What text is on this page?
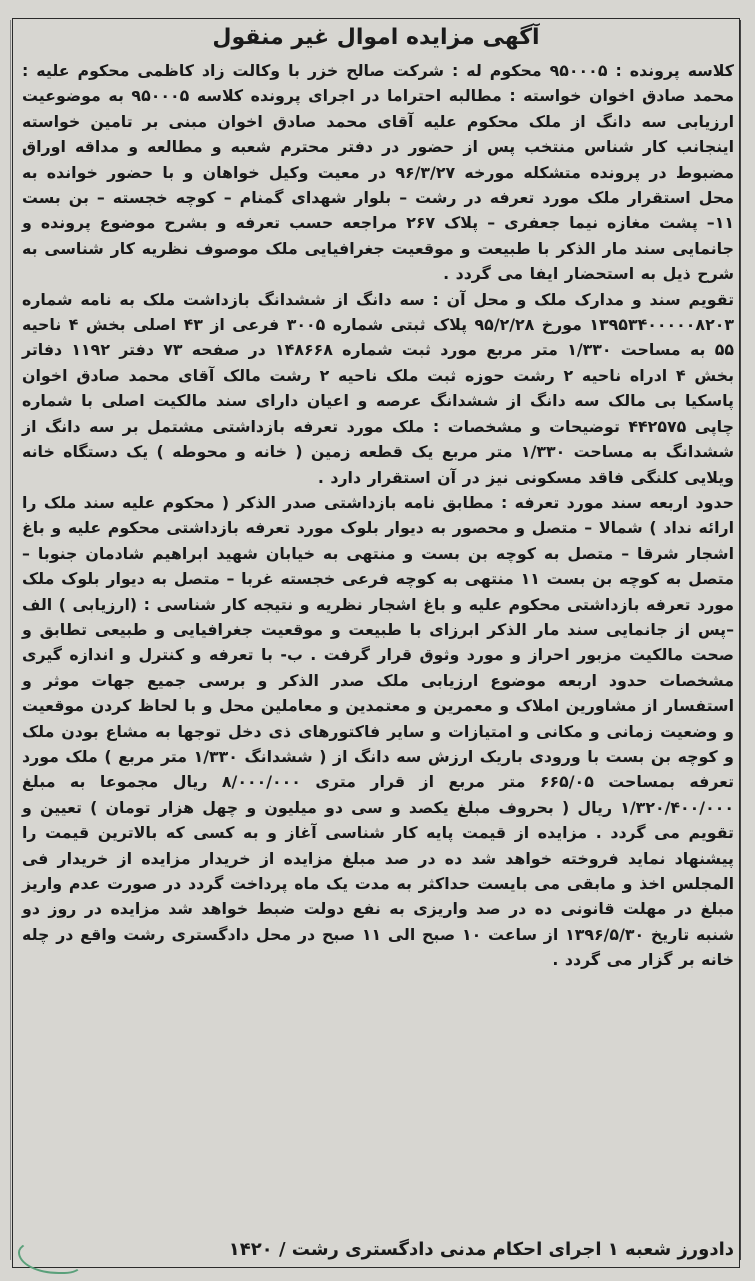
آگهی مزایده اموال غیر منقول

کلاسه پرونده : ۹۵۰۰۰۵ محکوم له : شرکت صالح خزر با وکالت زاد کاظمی محکوم علیه : محمد صادق اخوان خواسته : مطالبه احتراما در اجرای پرونده کلاسه ۹۵۰۰۰۵ به موضوعیت ارزیابی سه دانگ از ملک محکوم علیه آقای محمد صادق اخوان مبنی بر تامین خواسته اینجانب کار شناس منتخب پس از حضور در دفتر محترم شعبه و مطالعه و مداقه اوراق مضبوط در پرونده متشکله مورخه ۹۶/۳/۲۷ در معیت وکیل خواهان و با حضور خوانده به محل استقرار ملک مورد تعرفه در رشت – بلوار شهدای گمنام – کوچه خجسته – بن بست ۱۱– پشت مغازه نیما جعفری – پلاک ۲۶۷ مراجعه حسب تعرفه و بشرح موضوع پرونده و جانمایی سند مار الذکر با طبیعت و موقعیت جغرافیایی ملک موصوف نظریه کار شناسی به شرح ذیل به استحضار ایفا می گردد .

تقویم سند و مدارک ملک و محل آن : سه دانگ از ششدانگ بازداشت ملک به نامه شماره ۱۳۹۵۳۴۰۰۰۰۰۸۲۰۳ مورخ ۹۵/۲/۲۸ پلاک ثبتی شماره ۳۰۰۵ فرعی از ۴۳ اصلی بخش ۴ ناحیه ۵۵ به مساحت ۱/۳۳۰ متر مربع مورد ثبت شماره ۱۴۸۶۶۸ در صفحه ۷۳ دفتر ۱۱۹۲ دفاتر بخش ۴ ادراه ناحیه ۲ رشت حوزه ثبت ملک ناحیه ۲ رشت مالک آقای محمد صادق اخوان پاسکیا بی مالک سه دانگ از ششدانگ عرصه و اعیان دارای سند مالکیت اصلی با شماره چاپی ۴۴۲۵۷۵ توضیحات و مشخصات : ملک مورد تعرفه بازداشتی مشتمل بر سه دانگ از ششدانگ به مساحت ۱/۳۳۰ متر مربع یک قطعه زمین ( خانه و محوطه ) یک دستگاه خانه ویلایی کلنگی فاقد مسکونی نیز در آن استقرار دارد .

حدود اربعه سند مورد تعرفه : مطابق نامه بازداشتی صدر الذکر ( محکوم علیه سند ملک را ارائه نداد ) شمالا – متصل و محصور به دیوار بلوک مورد تعرفه بازداشتی محکوم علیه و باغ اشجار شرقا – متصل به کوچه بن بست و منتهی به خیابان شهید ابراهیم شادمان جنوبا – متصل به کوچه بن بست ۱۱ منتهی به کوچه فرعی خجسته غربا – متصل به دیوار بلوک ملک مورد تعرفه بازداشتی محکوم علیه و باغ اشجار نظریه و نتیجه کار شناسی : (ارزیابی ) الف –پس از جانمایی سند مار الذکر ابرزای با طبیعت و موقعیت جغرافیایی و طبیعی تطابق و صحت مالکیت مزبور احراز و مورد وثوق قرار گرفت . ب- با تعرفه و کنترل و اندازه گیری مشخصات حدود اربعه موضوع ارزیابی ملک صدر الذکر و برسی جمیع جهات موثر و استفسار از مشاورین املاک و معمرین و معتمدین و معاملین محل و با لحاظ کردن موقعیت و وضعیت زمانی و مکانی و امتیازات و سایر فاکتورهای ذی دخل توجها به مشاع بودن ملک و کوچه بن بست با ورودی باریک ارزش سه دانگ از ( ششدانگ ۱/۳۳۰ متر مربع ) ملک مورد تعرفه بمساحت ۶۶۵/۰۵ متر مربع از قرار متری ۸/۰۰۰/۰۰۰ ریال مجموعا به مبلغ ۱/۳۲۰/۴۰۰/۰۰۰ ریال ( بحروف مبلغ یکصد و سی دو میلیون و چهل هزار تومان ) تعیین و تقویم می گردد . مزایده از قیمت پایه کار شناسی آغاز و به کسی که بالاترین قیمت را پیشنهاد نماید فروخته خواهد شد ده در صد مبلغ مزایده از خریدار مزایده از خریدار فی المجلس اخذ و مابقی می بایست حداکثر به مدت یک ماه پرداخت گردد در صورت عدم واریز مبلغ در مهلت قانونی ده در صد واریزی به نفع دولت ضبط خواهد شد مزایده در روز دو شنبه تاریخ ۱۳۹۶/۵/۳۰ از ساعت ۱۰ صبح الی ۱۱ صبح در محل دادگستری رشت واقع در چله خانه بر گزار می گردد .

دادورز شعبه ۱ اجرای احکام مدنی دادگستری رشت / ۱۴۲۰
